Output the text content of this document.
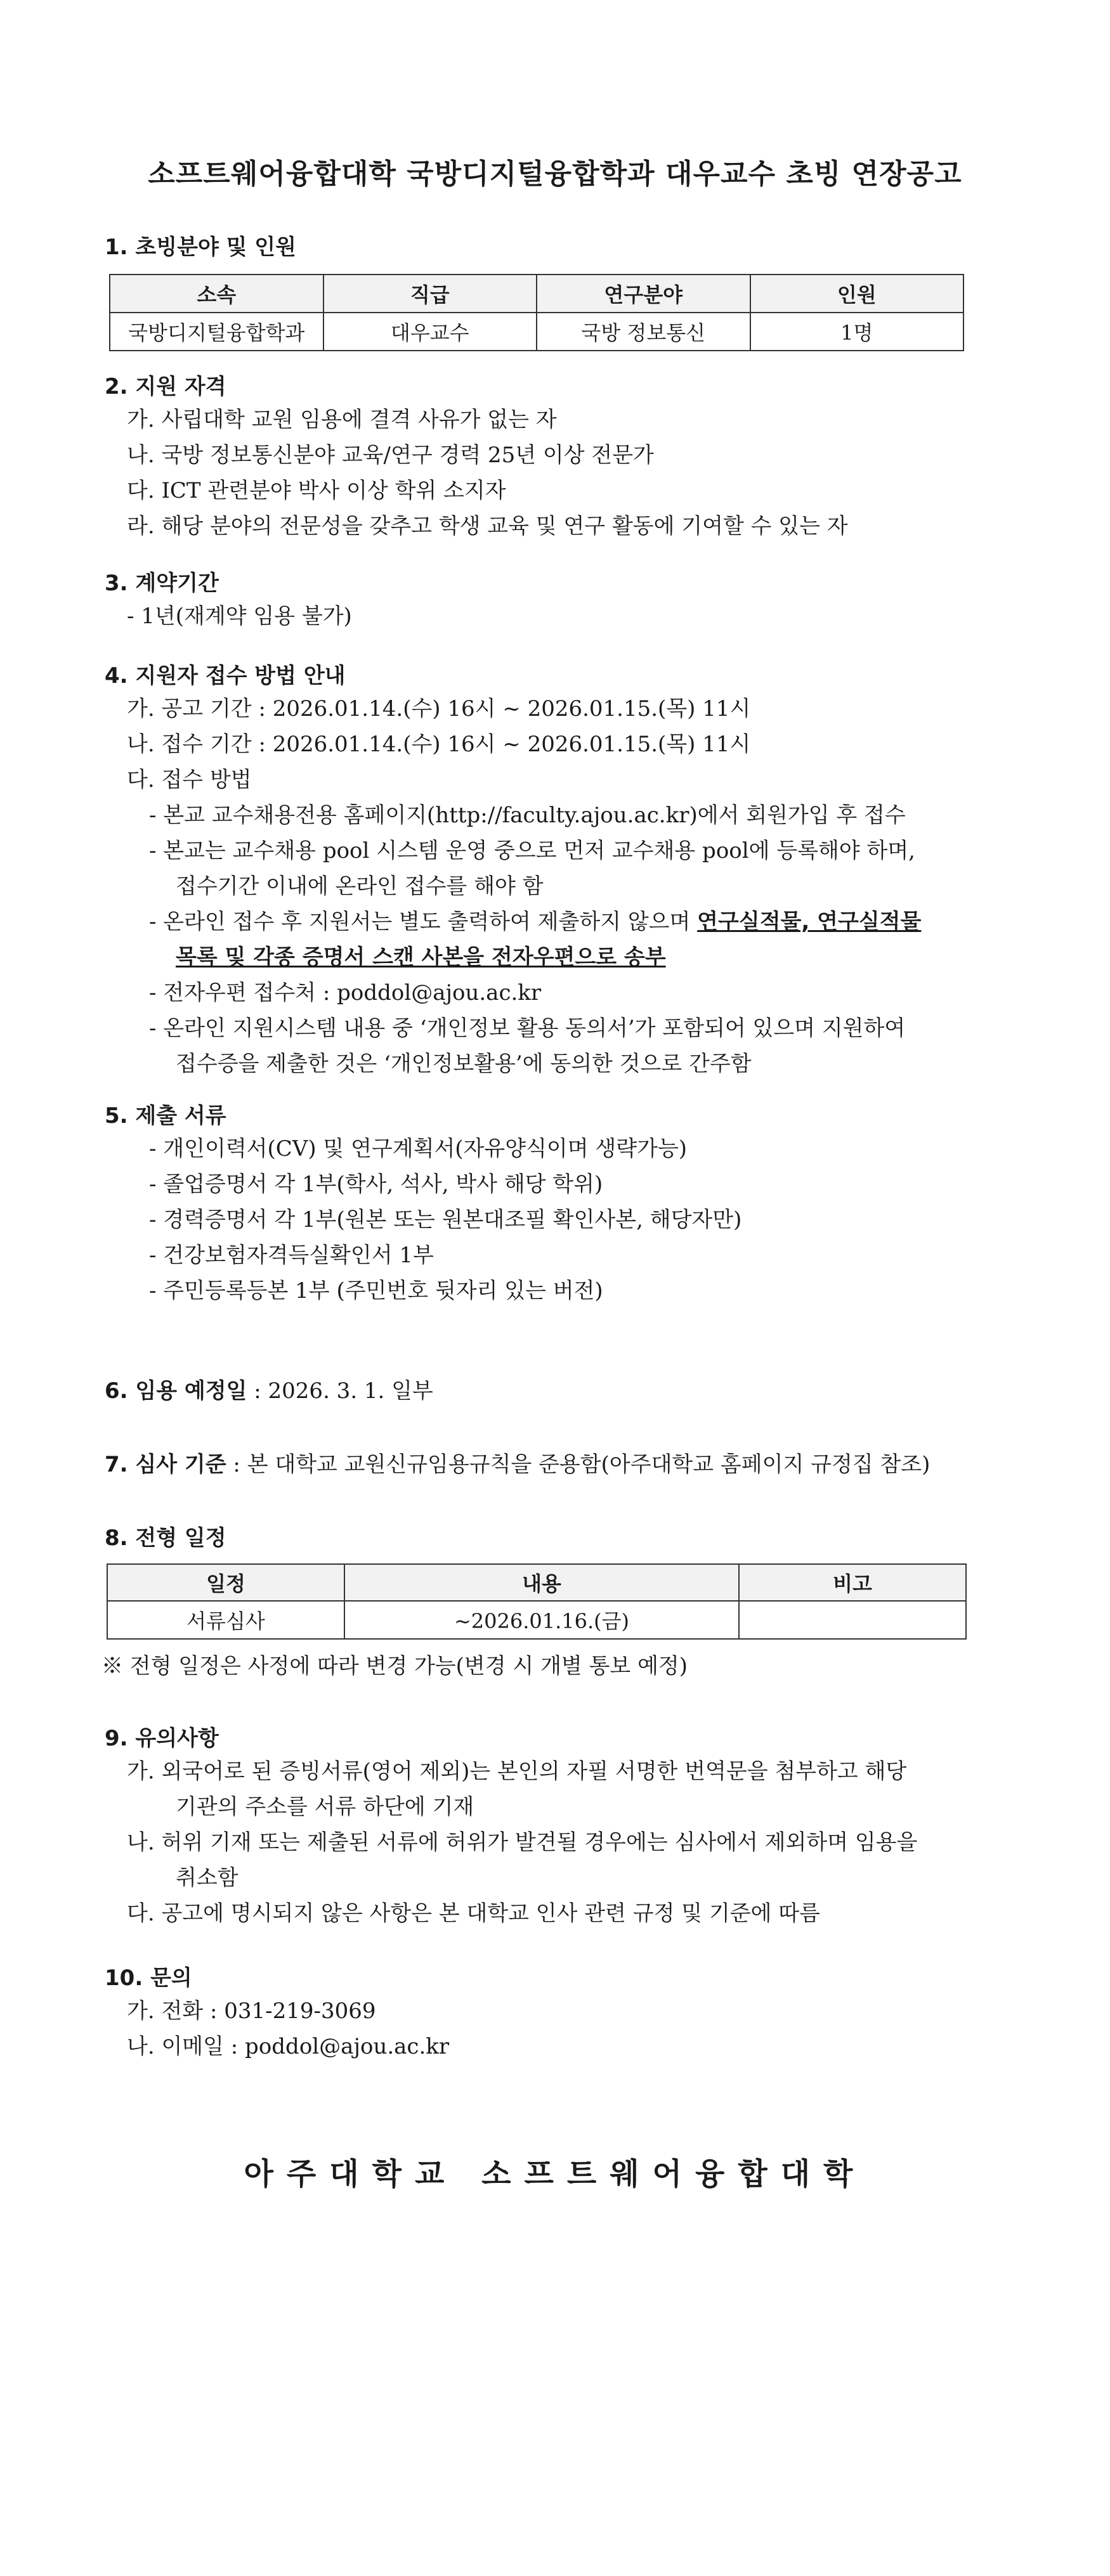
소프트웨어융합대학 국방디지털융합학과 대우교수 초빙 연장공고
1. 초빙분야 및 인원
소속	직급	연구분야	인원
국방디지털융합학과	대우교수	국방 정보통신	1명
2. 지원 자격
가. 사립대학 교원 임용에 결격 사유가 없는 자
나. 국방 정보통신분야 교육/연구 경력 25년 이상 전문가
다. ICT 관련분야 박사 이상 학위 소지자
라. 해당 분야의 전문성을 갖추고 학생 교육 및 연구 활동에 기여할 수 있는 자
3. 계약기간
- 1년(재계약 임용 불가)
4. 지원자 접수 방법 안내
가. 공고 기간 : 2026.01.14.(수) 16시 ~ 2026.01.15.(목) 11시
나. 접수 기간 : 2026.01.14.(수) 16시 ~ 2026.01.15.(목) 11시
다. 접수 방법
- 본교 교수채용전용 홈페이지(http://faculty.ajou.ac.kr)에서 회원가입 후 접수
- 본교는 교수채용 pool 시스템 운영 중으로 먼저 교수채용 pool에 등록해야 하며,
접수기간 이내에 온라인 접수를 해야 함
- 온라인 접수 후 지원서는 별도 출력하여 제출하지 않으며 연구실적물, 연구실적물
목록 및 각종 증명서 스캔 사본을 전자우편으로 송부
- 전자우편 접수처 : poddol@ajou.ac.kr
- 온라인 지원시스템 내용 중 ‘개인정보 활용 동의서’가 포함되어 있으며 지원하여
접수증을 제출한 것은 ‘개인정보활용’에 동의한 것으로 간주함
5. 제출 서류
- 개인이력서(CV) 및 연구계획서(자유양식이며 생략가능)
- 졸업증명서 각 1부(학사, 석사, 박사 해당 학위)
- 경력증명서 각 1부(원본 또는 원본대조필 확인사본, 해당자만)
- 건강보험자격득실확인서 1부
- 주민등록등본 1부 (주민번호 뒷자리 있는 버전)
6. 임용 예정일 : 2026. 3. 1. 일부
7. 심사 기준 : 본 대학교 교원신규임용규칙을 준용함(아주대학교 홈페이지 규정집 참조)
8. 전형 일정
일정	내용	비고
서류심사	~2026.01.16.(금)	
※ 전형 일정은 사정에 따라 변경 가능(변경 시 개별 통보 예정)
9. 유의사항
가. 외국어로 된 증빙서류(영어 제외)는 본인의 자필 서명한 번역문을 첨부하고 해당
기관의 주소를 서류 하단에 기재
나. 허위 기재 또는 제출된 서류에 허위가 발견될 경우에는 심사에서 제외하며 임용을
취소함
다. 공고에 명시되지 않은 사항은 본 대학교 인사 관련 규정 및 기준에 따름
10. 문의
가. 전화 : 031-219-3069
나. 이메일 : poddol@ajou.ac.kr
아주대학교 소프트웨어융합대학
